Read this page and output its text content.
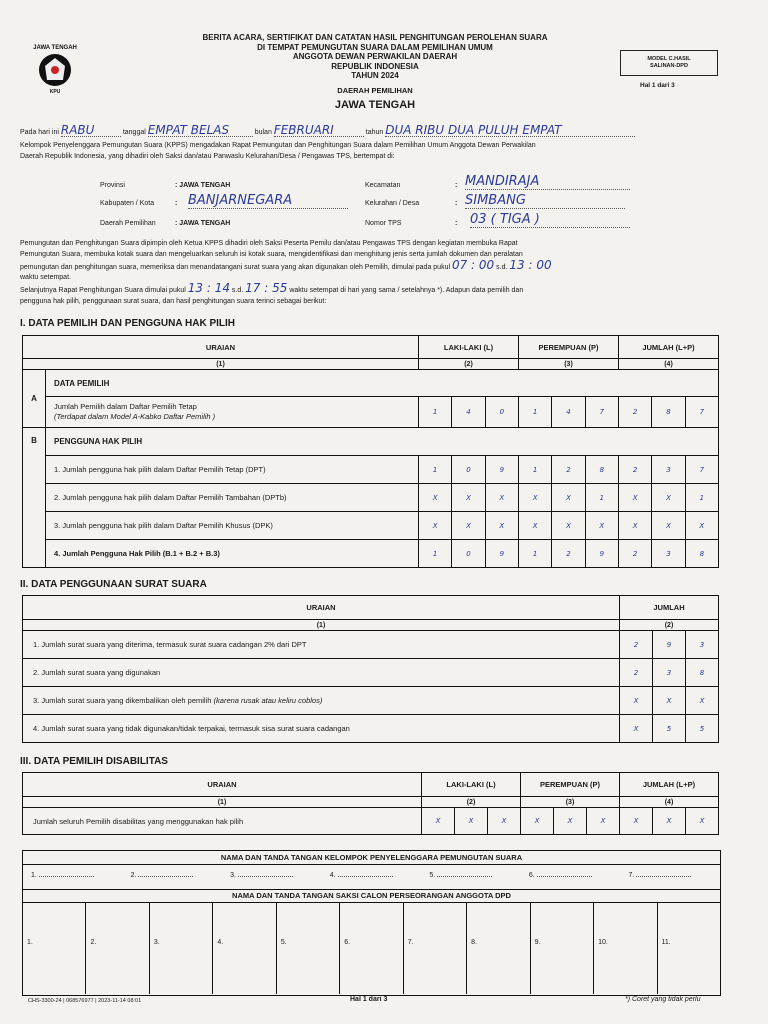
JAWA TENGAH
KPU
BERITA ACARA, SERTIFIKAT DAN CATATAN HASIL PENGHITUNGAN PEROLEHAN SUARA
DI TEMPAT PEMUNGUTAN SUARA DALAM PEMILIHAN UMUM
ANGGOTA DEWAN PERWAKILAN DAERAH
REPUBLIK INDONESIA
TAHUN 2024
DAERAH PEMILIHAN
JAWA TENGAH
MODEL C.HASIL
SALINAN-DPD
Hal 1 dari 3
Pada hari ini RABU	tanggal EMPAT BELAS	bulan FEBRUARI	tahun DUA RIBU DUA PULUH EMPAT
Kelompok Penyelenggara Pemungutan Suara (KPPS) mengadakan Rapat Pemungutan dan Penghitungan Suara dalam Pemilihan Umum Anggota Dewan Perwakilan
Daerah Republik Indonesia, yang dihadiri oleh Saksi dan/atau Panwaslu Kelurahan/Desa / Pengawas TPS, bertempat di:
Provinsi	: JAWA TENGAH
Kabupaten / Kota	: BANJARNEGARA
Daerah Pemilihan	: JAWA TENGAH
Kecamatan	: MANDIRAJA
Kelurahan / Desa	: SIMBANG
Nomor TPS	: 03 ( TIGA )
Pemungutan dan Penghitungan Suara dipimpin oleh Ketua KPPS dihadiri oleh Saksi Peserta Pemilu dan/atau Pengawas TPS dengan kegiatan membuka Rapat
Pemungutan Suara, membuka kotak suara dan mengeluarkan seluruh isi kotak suara, mengidentifikasi dan menghitung jenis serta jumlah dokumen dan peralatan
pemungutan dan penghitungan suara, memeriksa dan menandatangani surat suara yang akan digunakan oleh Pemilih, dimulai pada pukul 07 : 00 s.d. 13 : 00
waktu setempat.
Selanjutnya Rapat Penghitungan Suara dimulai pukul 13 : 14 s.d. 17 : 55 waktu setempat di hari yang sama / setelahnya *). Adapun data pemilih dan
pengguna hak pilih, penggunaan surat suara, dan hasil penghitungan suara terinci sebagai berikut:
I. DATA PEMILIH DAN PENGGUNA HAK PILIH
URAIAN		LAKI-LAKI (L)			PEREMPUAN (P)			JUMLAH (L+P)		
(1)		(2)			(3)			(4)		
A	DATA PEMILIH									

	Jumlah Pemilih dalam Daftar Pemilih Tetap
(Terdapat dalam Model A-Kabko Daftar Pemilih )	1	4	0	1	4	7	2	8	7
B	PENGGUNA HAK PILIH									
	1. Jumlah pengguna hak pilih dalam Daftar Pemilih Tetap (DPT)	1	0	9	1	2	8	2	3	7
	2. Jumlah pengguna hak pilih dalam Daftar Pemilih Tambahan (DPTb)	X	X	X	X	X	1	X	X	1
	3. Jumlah pengguna hak pilih dalam Daftar Pemilih Khusus (DPK)	X	X	X	X	X	X	X	X	X
	4. Jumlah Pengguna Hak Pilih (B.1 + B.2 + B.3)	1	0	9	1	2	9	2	3	8
II. DATA PENGGUNAAN SURAT SUARA
URAIAN	JUMLAH		
(1)	(2)		
1. Jumlah surat suara yang diterima, termasuk surat suara cadangan 2% dari DPT	2	9	3
2. Jumlah surat suara yang digunakan	2	3	8
3. Jumlah surat suara yang dikembalikan oleh pemilih (karena rusak atau keliru coblos)	X	X	X
4. Jumlah surat suara yang tidak digunakan/tidak terpakai, termasuk sisa surat suara cadangan	X	5	5
III. DATA PEMILIH DISABILITAS
URAIAN	LAKI-LAKI (L)			PEREMPUAN (P)			JUMLAH (L+P)		
(1)	(2)			(3)			(4)		
Jumlah seluruh Pemilih disabilitas yang menggunakan hak pilih	X	X	X	X	X	X	X	X	X
NAMA DAN TANDA TANGAN KELOMPOK PENYELENGGARA PEMUNGUTAN SUARA
1.	2.	3.	4.	5.	6.	7.
NAMA DAN TANDA TANGAN SAKSI CALON PERSEORANGAN ANGGOTA DPD
1.	2.	3.	4.	5.	6.	7.	8.	9.	10.	11.
CHS-3300-24 | 068576977 | 2023-11-14 08:01	Hal 1 dari 3	*) Coret yang tidak perlu
